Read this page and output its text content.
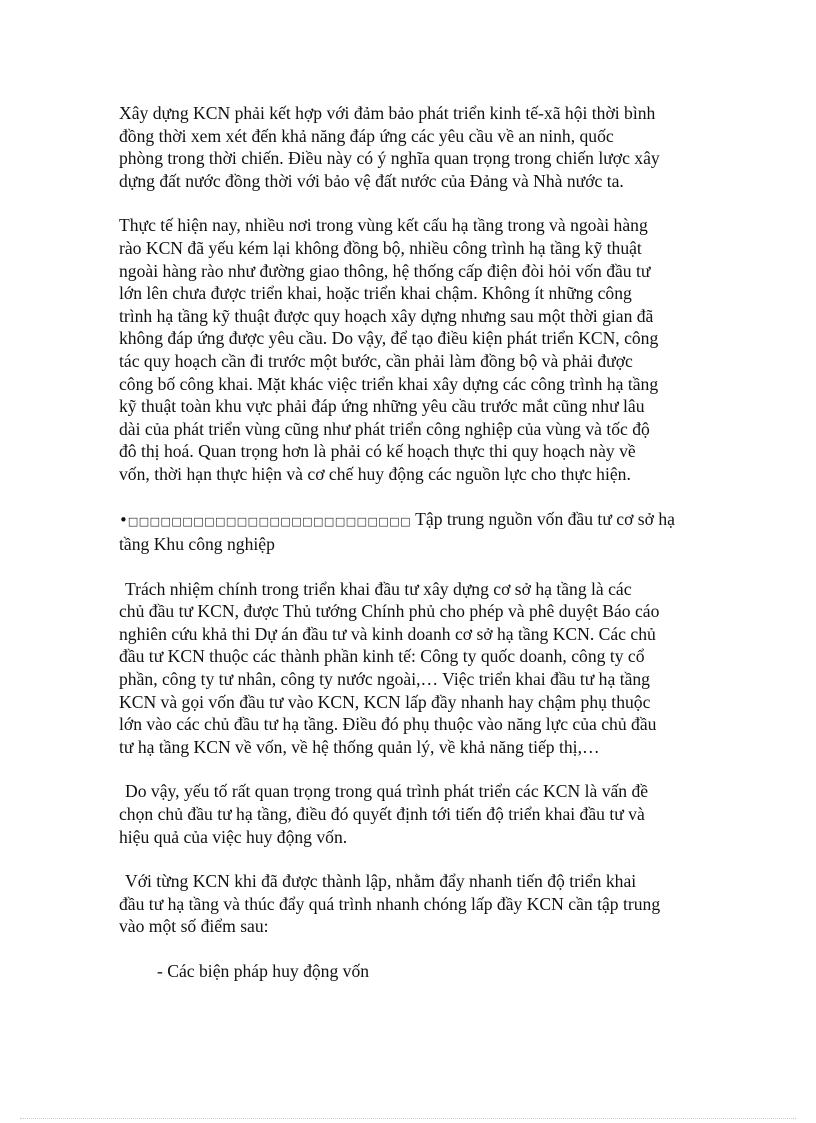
Xây dựng KCN phải kết hợp với đảm bảo phát triển kinh tế-xã hội thời bình
đồng thời xem xét đến khả năng đáp ứng các yêu cầu về an ninh, quốc
phòng trong thời chiến. Điều này có ý nghĩa quan trọng trong chiến lược xây
dựng đất nước đồng thời với bảo vệ đất nước của Đảng và Nhà nước ta.

Thực tế hiện nay, nhiều nơi trong vùng kết cấu hạ tầng trong và ngoài hàng
rào KCN đã yếu kém lại không đồng bộ, nhiều công trình hạ tầng kỹ thuật
ngoài hàng rào như đường giao thông, hệ thống cấp điện đòi hỏi vốn đầu tư
lớn lên chưa được triển khai, hoặc triển khai chậm. Không ít những công
trình hạ tầng kỹ thuật được quy hoạch xây dựng nhưng sau một thời gian đã
không đáp ứng được yêu cầu. Do vậy, để tạo điều kiện phát triển KCN, công
tác quy hoạch cần đi trước một bước, cần phải làm đồng bộ và phải được
công bố công khai. Mặt khác việc triển khai xây dựng các công trình hạ tầng
kỹ thuật toàn khu vực phải đáp ứng những yêu cầu trước mắt cũng như lâu
dài của phát triển vùng cũng như phát triển công nghiệp của vùng và tốc độ
đô thị hoá. Quan trọng hơn là phải có kế hoạch thực thi quy hoạch này về
vốn, thời hạn thực hiện và cơ chế huy động các nguồn lực cho thực hiện.

•□□□□□□□□□□□□□□□□□□□□□□□□□□ Tập trung nguồn vốn đầu tư cơ sở hạ
tầng Khu công nghiệp

Trách nhiệm chính trong triển khai đầu tư xây dựng cơ sở hạ tầng là các
chủ đầu tư KCN, được Thủ tướng Chính phủ cho phép và phê duyệt Báo cáo
nghiên cứu khả thi Dự án đầu tư và kinh doanh cơ sở hạ tầng KCN. Các chủ
đầu tư KCN thuộc các thành phần kinh tế: Công ty quốc doanh, công ty cổ
phần, công ty tư nhân, công ty nước ngoài,… Việc triển khai đầu tư hạ tầng
KCN và gọi vốn đầu tư vào KCN, KCN lấp đầy nhanh hay chậm phụ thuộc
lớn vào các chủ đầu tư hạ tầng. Điều đó phụ thuộc vào năng lực của chủ đầu
tư hạ tầng KCN về vốn, về hệ thống quản lý, về khả năng tiếp thị,…

Do vậy, yếu tố rất quan trọng trong quá trình phát triển các KCN là vấn đề
chọn chủ đầu tư hạ tầng, điều đó quyết định tới tiến độ triển khai đầu tư và
hiệu quả của việc huy động vốn.

Với từng KCN khi đã được thành lập, nhằm đẩy nhanh tiến độ triển khai
đầu tư hạ tầng và thúc đẩy quá trình nhanh chóng lấp đầy KCN cần tập trung
vào một số điểm sau:

- Các biện pháp huy động vốn
